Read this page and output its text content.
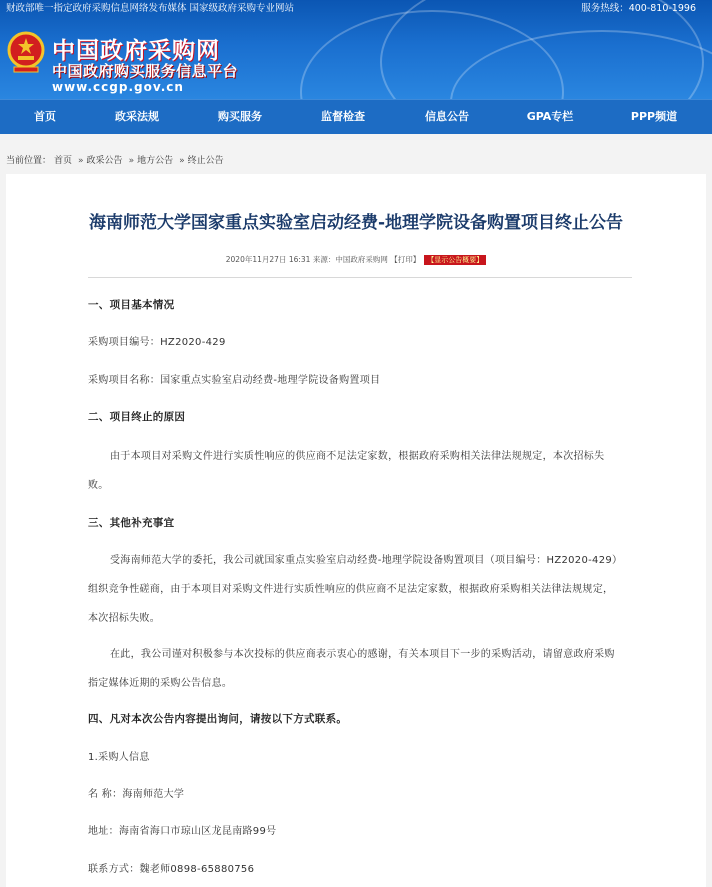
财政部唯一指定政府采购信息网络发布媒体 国家级政府采购专业网站	服务热线：400-810-1996
中国政府采购网
中国政府购买服务信息平台
www.ccgp.gov.cn
首页	政采法规	购买服务	监督检查	信息公告	GPA专栏	PPP频道
当前位置： 首页 » 政采公告 » 地方公告 » 终止公告
海南师范大学国家重点实验室启动经费-地理学院设备购置项目终止公告
2020年11月27日 16:31 来源：中国政府采购网 【打印】 【显示公告概要】
一、项目基本情况
采购项目编号：HZ2020-429
采购项目名称：国家重点实验室启动经费-地理学院设备购置项目
二、项目终止的原因
由于本项目对采购文件进行实质性响应的供应商不足法定家数，根据政府采购相关法律法规规定，本次招标失败。
三、其他补充事宜
受海南师范大学的委托，我公司就国家重点实验室启动经费-地理学院设备购置项目（项目编号：HZ2020-429）组织竞争性磋商，由于本项目对采购文件进行实质性响应的供应商不足法定家数，根据政府采购相关法律法规规定，本次招标失败。
在此，我公司谨对积极参与本次投标的供应商表示衷心的感谢，有关本项目下一步的采购活动，请留意政府采购指定媒体近期的采购公告信息。
四、凡对本次公告内容提出询问，请按以下方式联系。
1.采购人信息
名 称：海南师范大学
地址：海南省海口市琼山区龙昆南路99号
联系方式：魏老师0898-65880756
